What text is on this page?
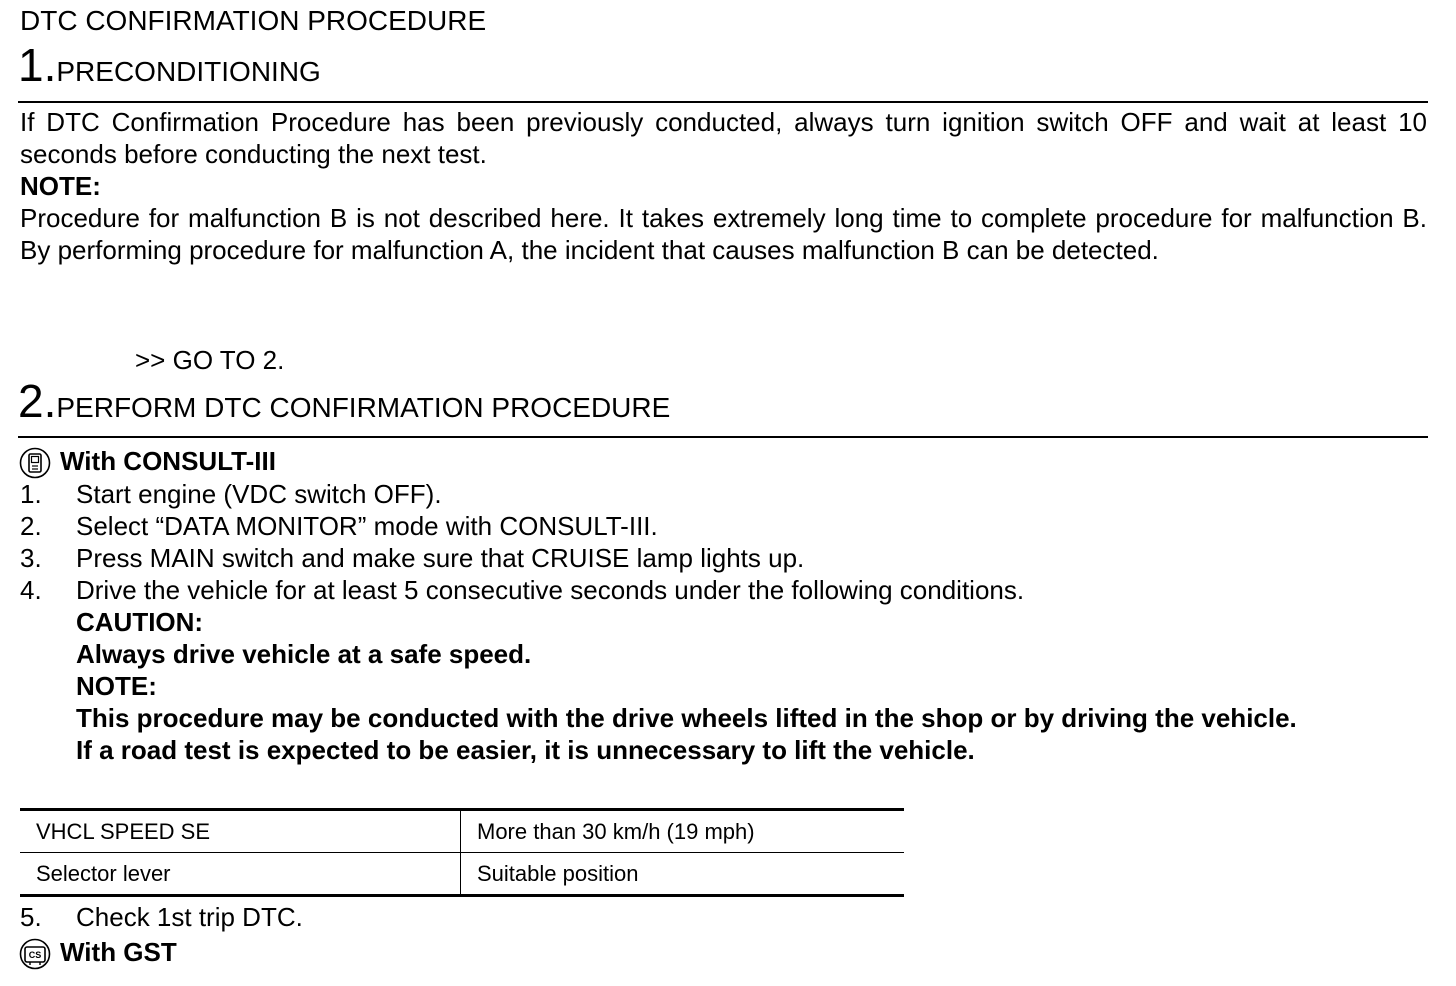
DTC CONFIRMATION PROCEDURE
1.PRECONDITIONING
If DTC Confirmation Procedure has been previously conducted, always turn ignition switch OFF and wait at least 10 seconds before conducting the next test.
NOTE:
Procedure for malfunction B is not described here. It takes extremely long time to complete procedure for malfunction B. By performing procedure for malfunction A, the incident that causes malfunction B can be detected.
>> GO TO 2.
2.PERFORM DTC CONFIRMATION PROCEDURE
With CONSULT-III
1. Start engine (VDC switch OFF).
2. Select “DATA MONITOR” mode with CONSULT-III.
3. Press MAIN switch and make sure that CRUISE lamp lights up.
4. Drive the vehicle for at least 5 consecutive seconds under the following conditions.
CAUTION:
Always drive vehicle at a safe speed.
NOTE:
This procedure may be conducted with the drive wheels lifted in the shop or by driving the vehicle.
If a road test is expected to be easier, it is unnecessary to lift the vehicle.
VHCL SPEED SE	More than 30 km/h (19 mph)
Selector lever	Suitable position
5. Check 1st trip DTC.
CS With GST
